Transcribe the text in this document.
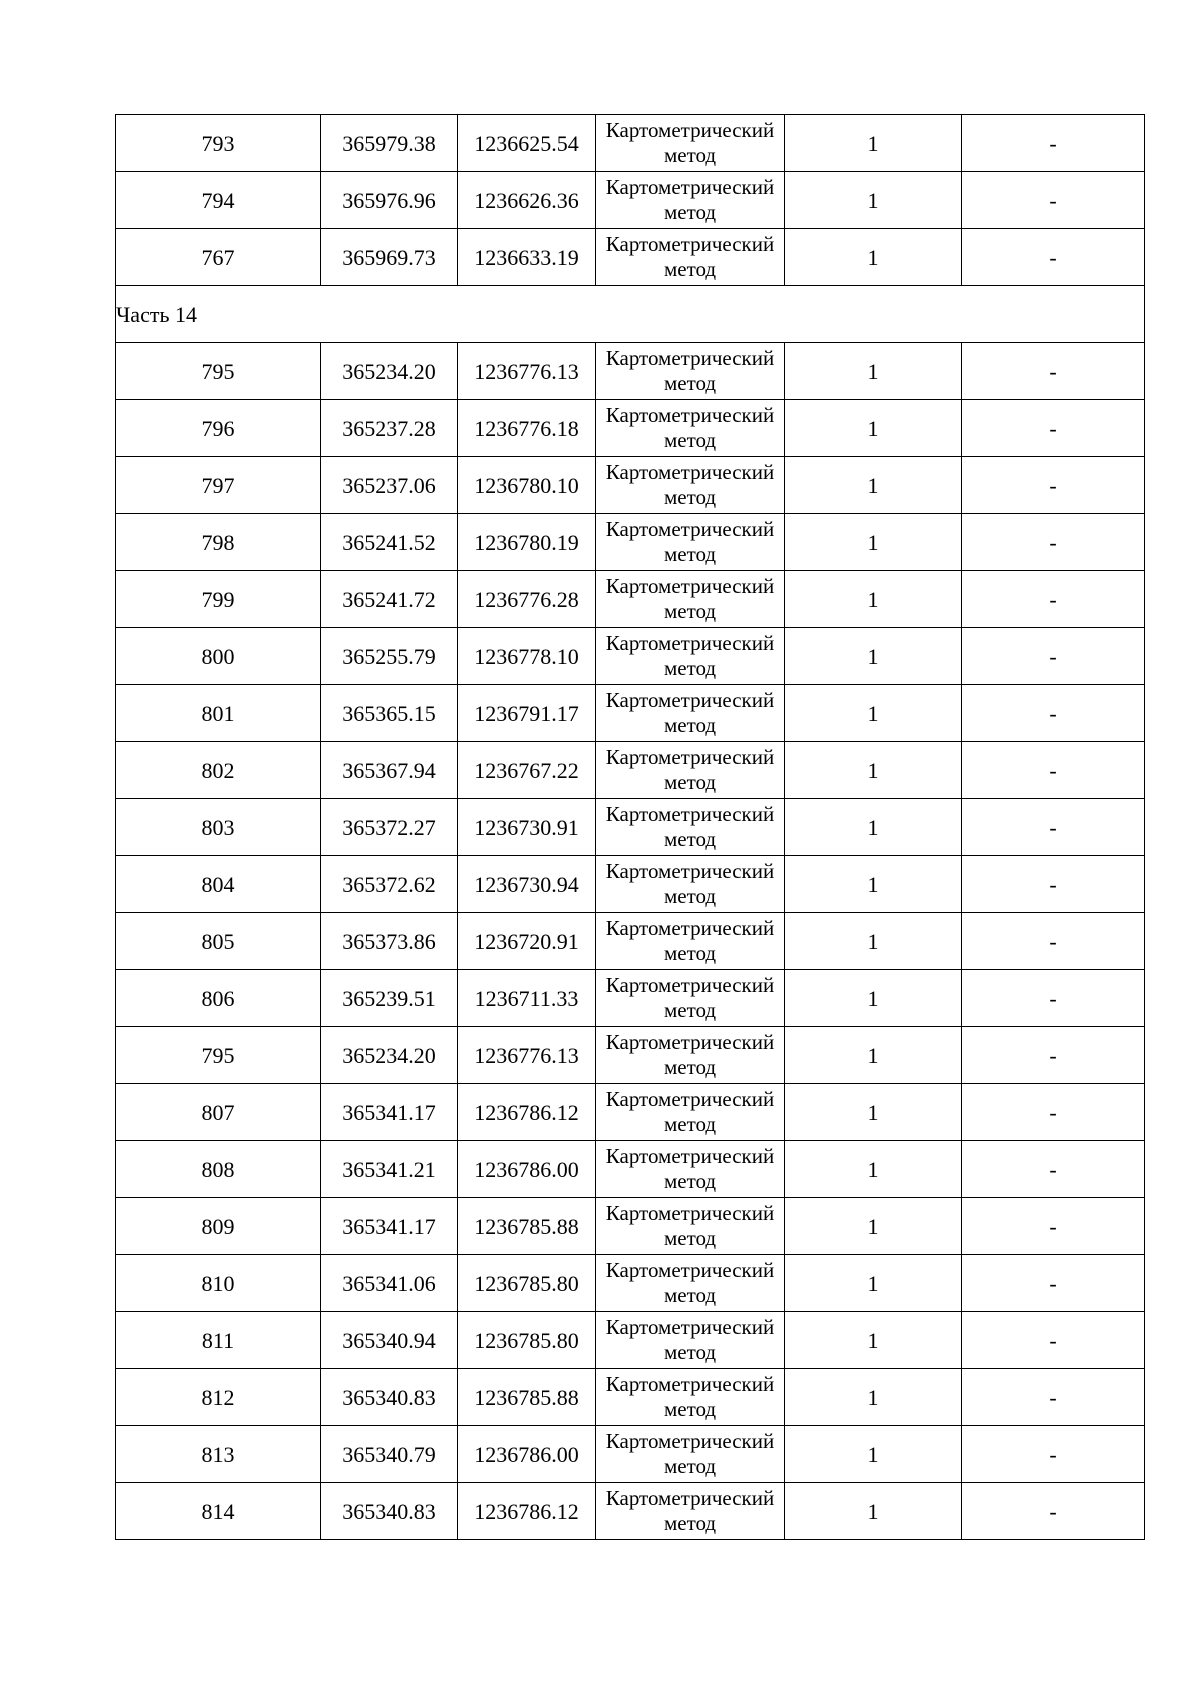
793	365979.38	1236625.54	Картометрический метод	1	-
794	365976.96	1236626.36	Картометрический метод	1	-
767	365969.73	1236633.19	Картометрический метод	1	-
Часть 14					
795	365234.20	1236776.13	Картометрический метод	1	-
796	365237.28	1236776.18	Картометрический метод	1	-
797	365237.06	1236780.10	Картометрический метод	1	-
798	365241.52	1236780.19	Картометрический метод	1	-
799	365241.72	1236776.28	Картометрический метод	1	-
800	365255.79	1236778.10	Картометрический метод	1	-
801	365365.15	1236791.17	Картометрический метод	1	-
802	365367.94	1236767.22	Картометрический метод	1	-
803	365372.27	1236730.91	Картометрический метод	1	-
804	365372.62	1236730.94	Картометрический метод	1	-
805	365373.86	1236720.91	Картометрический метод	1	-
806	365239.51	1236711.33	Картометрический метод	1	-
795	365234.20	1236776.13	Картометрический метод	1	-
807	365341.17	1236786.12	Картометрический метод	1	-
808	365341.21	1236786.00	Картометрический метод	1	-
809	365341.17	1236785.88	Картометрический метод	1	-
810	365341.06	1236785.80	Картометрический метод	1	-
811	365340.94	1236785.80	Картометрический метод	1	-
812	365340.83	1236785.88	Картометрический метод	1	-
813	365340.79	1236786.00	Картометрический метод	1	-
814	365340.83	1236786.12	Картометрический метод	1	-
